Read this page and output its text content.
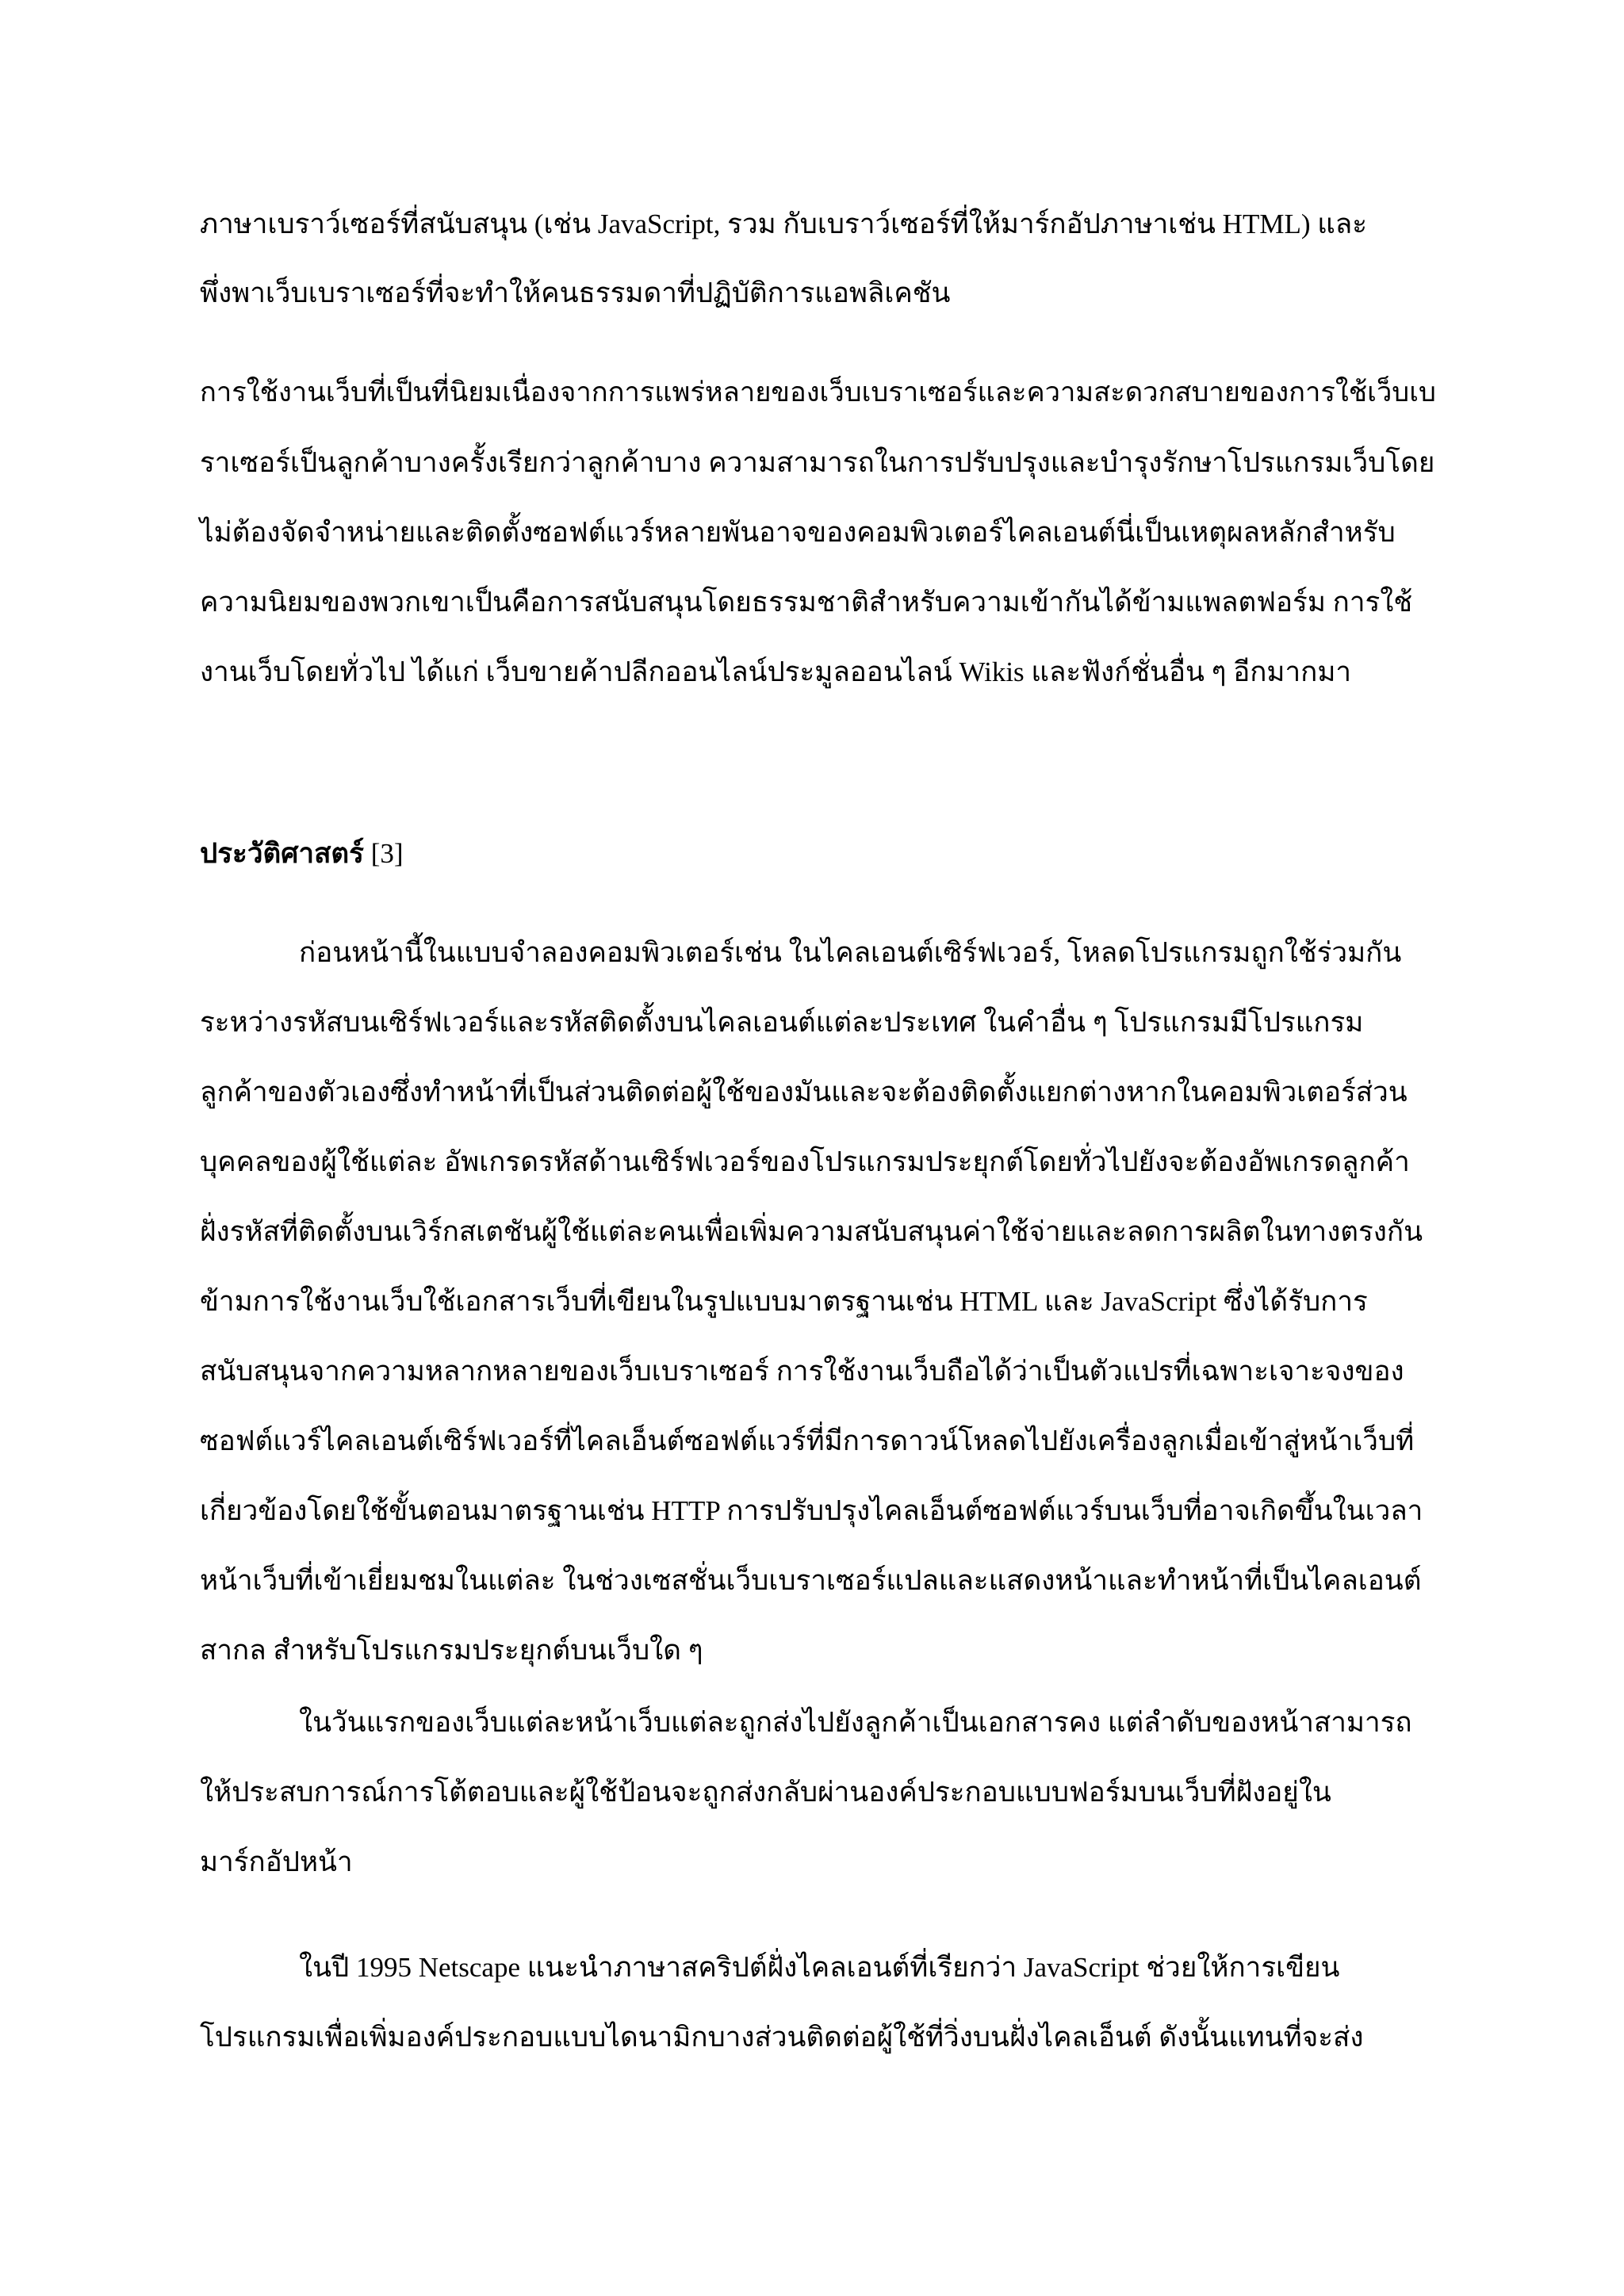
ภาษาเบราว์เซอร์ที่สนับสนุน (เช่น JavaScript, รวม กับเบราว์เซอร์ที่ให้มาร์กอัปภาษาเช่น HTML) และ
พึ่งพาเว็บเบราเซอร์ที่จะทำให้คนธรรมดาที่ปฏิบัติการแอพลิเคชัน
การใช้งานเว็บที่เป็นที่นิยมเนื่องจากการแพร่หลายของเว็บเบราเซอร์และความสะดวกสบายของการใช้เว็บเบ
ราเซอร์เป็นลูกค้าบางครั้งเรียกว่าลูกค้าบาง ความสามารถในการปรับปรุงและบำรุงรักษาโปรแกรมเว็บโดย
ไม่ต้องจัดจำหน่ายและติดตั้งซอฟต์แวร์หลายพันอาจของคอมพิวเตอร์ไคลเอนต์นี่เป็นเหตุผลหลักสำหรับ
ความนิยมของพวกเขาเป็นคือการสนับสนุนโดยธรรมชาติสำหรับความเข้ากันได้ข้ามแพลตฟอร์ม การใช้
งานเว็บโดยทั่วไป ได้แก่ เว็บขายค้าปลีกออนไลน์ประมูลออนไลน์ Wikis และฟังก์ชั่นอื่น ๆ อีกมากมา
ประวัติศาสตร์ [3]
ก่อนหน้านี้ในแบบจำลองคอมพิวเตอร์เช่น ในไคลเอนต์เซิร์ฟเวอร์, โหลดโปรแกรมถูกใช้ร่วมกัน
ระหว่างรหัสบนเซิร์ฟเวอร์และรหัสติดตั้งบนไคลเอนต์แต่ละประเทศ ในคำอื่น ๆ โปรแกรมมีโปรแกรม
ลูกค้าของตัวเองซึ่งทำหน้าที่เป็นส่วนติดต่อผู้ใช้ของมันและจะต้องติดตั้งแยกต่างหากในคอมพิวเตอร์ส่วน
บุคคลของผู้ใช้แต่ละ อัพเกรดรหัสด้านเซิร์ฟเวอร์ของโปรแกรมประยุกต์โดยทั่วไปยังจะต้องอัพเกรดลูกค้า
ฝั่งรหัสที่ติดตั้งบนเวิร์กสเตชันผู้ใช้แต่ละคนเพื่อเพิ่มความสนับสนุนค่าใช้จ่ายและลดการผลิตในทางตรงกัน
ข้ามการใช้งานเว็บใช้เอกสารเว็บที่เขียนในรูปแบบมาตรฐานเช่น HTML และ JavaScript ซึ่งได้รับการ
สนับสนุนจากความหลากหลายของเว็บเบราเซอร์ การใช้งานเว็บถือได้ว่าเป็นตัวแปรที่เฉพาะเจาะจงของ
ซอฟต์แวร์ไคลเอนต์เซิร์ฟเวอร์ที่ไคลเอ็นต์ซอฟต์แวร์ที่มีการดาวน์โหลดไปยังเครื่องลูกเมื่อเข้าสู่หน้าเว็บที่
เกี่ยวข้องโดยใช้ขั้นตอนมาตรฐานเช่น HTTP การปรับปรุงไคลเอ็นต์ซอฟต์แวร์บนเว็บที่อาจเกิดขึ้นในเวลา
หน้าเว็บที่เข้าเยี่ยมชมในแต่ละ ในช่วงเซสชั่นเว็บเบราเซอร์แปลและแสดงหน้าและทำหน้าที่เป็นไคลเอนต์
สากล สำหรับโปรแกรมประยุกต์บนเว็บใด ๆ
ในวันแรกของเว็บแต่ละหน้าเว็บแต่ละถูกส่งไปยังลูกค้าเป็นเอกสารคง แต่ลำดับของหน้าสามารถ
ให้ประสบการณ์การโต้ตอบและผู้ใช้ป้อนจะถูกส่งกลับผ่านองค์ประกอบแบบฟอร์มบนเว็บที่ฝังอยู่ใน
มาร์กอัปหน้า
ในปี 1995 Netscape แนะนำภาษาสคริปต์ฝั่งไคลเอนต์ที่เรียกว่า JavaScript ช่วยให้การเขียน
โปรแกรมเพื่อเพิ่มองค์ประกอบแบบไดนามิกบางส่วนติดต่อผู้ใช้ที่วิ่งบนฝั่งไคลเอ็นต์ ดังนั้นแทนที่จะส่ง
